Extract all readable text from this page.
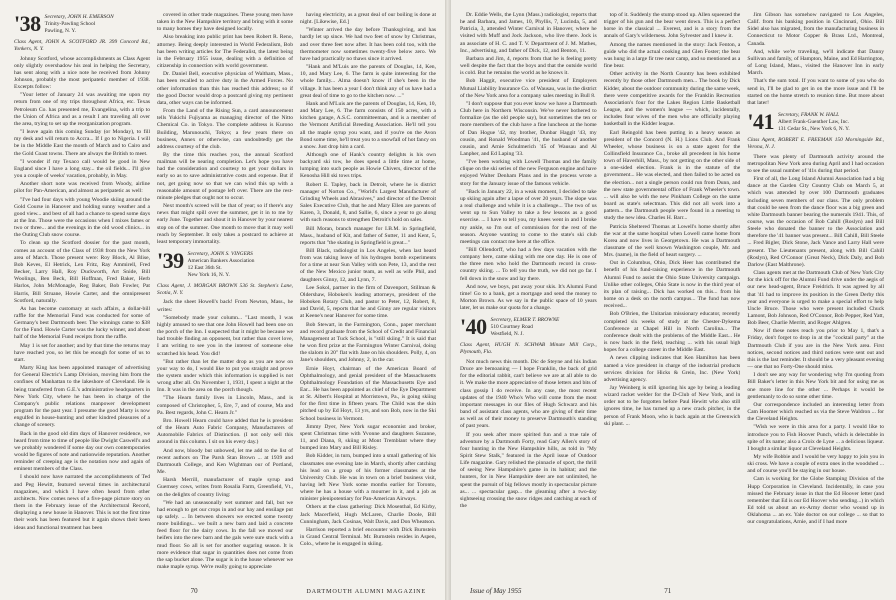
'38 Secretary, JOHN H. EMERSON
Trinity-Pawling School
Pawling, N. Y.
Class Agent, JOHN A. SCOTFORD JR. 399 Concord Rd., Yonkers, N. Y.

Johnny Scotford, whose accomplishments as Class Agent only slightly overshadow his zeal in helping the Secretary, has sent along with a nice note he received from Johnny Johnson, probably the most peripatetic member of 1938. Excerpts follow:

"Your letter of January 24 was awaiting me upon my return from one of my trips throughout Africa, etc. Texas Petroleum Co. has presented me, Evangelina, with a trip to the Union of Africa and as a result I am traveling all over the area, trying to set up the reorganization program.

"I leave again this coming Sunday (or Monday), to fill my desk and will return to Accra... If I go to Nigeria. I will be in the Middle East the month of March and to Cairo and the Gold Coast towns. There are always the British to meet.

"I wonder if my Texaco call would be good in New England since I have a long stay... the oil fields... I'll give you a couple of weeks' vacation, probably, in May.

Another short note was received from Woody, airline pilot for Pan-American, and almost as peripatetic as well:

"I've had four days with young Woodie skiing around the Gold Course in Hanover and holding sunny weather and a good view... and best of all had a chance to spend some days at the Inn. Those were the occasions when I mixes fames or two or three... and the evenings in the old wood clinics... in the Outing Club snow course.

To clean up the Scotford dossier for the past month, comes an account of the Class of 1938 from the New York area of March. Those present were: Roy Block, Al Blise, Bob Keves, El Hetrick, Len Fritz, Ray Ammirell, Fred Becker, Larry Hall, Roy Duckworth, Art Snide, Bill Woolings, Ben Beck, Bill Hoffman, Fred Baker, Herb Harlos, John McMonagle, Reg Baker, Bob Fowler, Pat Harris, Bill Struane, Howie Carter, and the omnipresent Scotford, naturally.

As has become customary at such affairs, a dollar-bill raffle for the Memorial Fund was conducted for some of Germany's best Dartmouth beer. The winnings came to $38 for the Fund. Howie Carter was the lucky winner, and about half of the Memorial Fund receipts from the raffle.

May 1 is set for another; and by that time the returns may have reached you, so let this be enough for some of us to start.

Marty King has been appointed manager of advertising for General Electric's Lamp Division, moving him from the confines of Manhattan to the lakeshore of Cleveland. He is being transferred from G.E.'s administrative headquarters in New York City, where he has been in charge of the Company's public relations manpower development program for the past year. I presume the good Marty is now engulfed in house-hunting and other kindred pleasures of a change of scenery.

Back in the good old dim days of Hanover residence, we heard from time to time of people like Dwight Caswell's and we probably wondered if some day our own contemporaries would be figures of note and nationwide reputation. Another reminder of creeping age is the notation now and again of eminent members of the Class.

I should now have narrated the accomplishments of Ted and Peg Hewitt, featured several times in architectural magazines, and which I have often heard from other architects. Now comes news of a five-page picture story on them in the February issue of the Architectural Record, displaying a new house in Hanover. This is not the first time their work has been featured but it again shows their keen ideas and functional treatment has been

covered in other trade magazines. These young men have taken in the New Hampshire territory and bring with it some to many homes they have designed locally.

Also breaking into public print has been Robert R. Reno, attorney. Being deeply interested in World Federalism, Bob has been writing articles for The Federalist, the latest being in the February 1955 issue, dealing with a definition of citizenship in connection with world government.

Dr. Daniel Bell, executive physician of Waltham, Mass., has been recalled to active duty in the Armed Forces. No other information than this has reached this address; so if the good Doctor would drop a postcard giving my pertinent data, other ways can be informed.

From the Land of the Rising Sun, a card announcement tells Yukichi Fujiyama as managing director of the Nitto Chemical Co. in Tokyo. The complete address is Kurono Building, Marunouchi, Tokyo; a few years there on business, Annex or otherwise, can undoubtedly get the address courtesy of the club.

By the time this reaches you, the annual Scotford mailman will be nearing completion. Let's hope you have had the consideration and courtesy to get your dollars in early so as to save administrative costs and expense. But if not, get going now so that we can wind this up with a reasonable amount of postage left over. There are the rest-minute pledges that ought not to occur.

Next month's screed will be that of year; so if there's any news that might spill over the summer, get it in to me by early June. Together and shout it in Hanover by your nearest stop on of the summer. One month to move that it may well reach by September. It only takes a postcard to achieve at least temporary immortality.

'39 Secretary, JOHN S. VINGERS
American Bankers Association
12 East 36th St.
New York 16, N. Y.
Class Agent, J. MORGAN BROWN 536 St. Stephen's Lane, Scotia, N. Y.

Jack the sheet Howell's back! From Newton, Mass., he writes:

"Somebody made your column... "Last month, I was highly amused to see that one John Howell had been one on the porch of the Inn. I suspected that it might be because we had trouble finding an opponent, but rather than covet love, I am writing to see you in the interest of someone else scratched his head. You did!

"But rather than let the matter drop as you are now on your way to do, I would like to put you straight and prove the system under which this information is supplied is not wrong after all. On November 1, 1931, I spent a night at the Inn. It was in the area on the porch though.

"The Hearn family lives in Lincoln, Mass., and is composed of Christopher, 5, Ere, 7, and of course, Ma and Pa. Best regards, John C. Hearn Jr."

Bro. Howell Hearn could have added that he is president of the Hearn Auto Fabric Company, Manufacturers of Automobile Fabrics of Distinction. (I not only sell this around in this column. I sit on his every day.)

And now, bloody but unbowed, let me add to the list of recent authors on The Parsh Stan Brown ... at 1939 and Dartmouth College, and Ken Wightman our of Portland, Me.

Harsh Merrill, manufacturer of maple syrup and Guernsey cows, writes from Rosalia Farm, Greenfield, Vt., on the delights of country living:

"We had an unseasonally wet summer and fall, but we had enough to get our crops in and our hay and ensilage put up safely. ... In between showers we erected some twenty more buildings... we built a new barn and laid a concrete feed floor for the dairy cows. In the fall we moved our heifers into the new barn and the gals were sure stuck with a mud floor. So all is set for another sugaring season. It is more evidence that sugar in quantities does not come from the sap bucket alone. The sugar is in the house whenever we make maple syrup. We're really going to appreciate

having electricity, as a great deal of our boiling is done at night. [Likewise, Ed.]

"Winter arrived the day before Thanksgiving, and has hardly let up since. We had two feet of snow by Christmas, and over three feet now after. It has been cold too, with the thermometer now sometimes twenty-five below zero. We have had practically no thaws since it arrived.

"Hank and M'Luis are the parents of Douglas, 14, Ken, 10, and Mary Lee, 6. The farm is quite interesting for the whole family... Alma doesn't know if she's been in the village. It has been a year I don't think any of us have had a great deal of time to go to the kitchen now. ..."

Hank and M'Luis are the parents of Douglas, 14, Ken, 10, and Mary Lee, 6. The farm consists of 150 acres, with a kitchen garage, A.S.C. committeeman, and is a member of the Vermont Artificial Breeding Association. He'll tell you all the maple syrup you want, and if you're on the Avon Bond some time, he'll treat you to a snowfall of hot fancy on a snow. Just drop him a card.

Although one of Hank's country delights is his own backyard ski tow, he does spend a little time at home, lumping into such people as Howie Chivers, director of the Kenosha Hill ski tows trips.

Robert E. Tapley, back in Detroit, where he is district manager of Norton Co., "World's Largest Manufacturer of Grinding Wheels and Abrasives," and director of the Detroit Sales Executive Club, that he and Mary Ellen are parents of Karen, 3, Donald, 8, and Sallie, 6, since a year to go along with such reasons to strengthen Detroit's hold on sales.

Bill Moran, branch manager for I.B.M. in Springfield, Mass., husband of Kit, and father of Sutter, 11 and Kent, 5, reports that "the skating in Springfield is great..."

Bill Black, radiologist in Los Angeles, when last heard from was taking leave of his hydrogen bomb experiments for a time at near Sun Valley with son Pete, 13, and the rest of the New Mexico junior team, as well as wife Phil, and daughters Ginny, 12, and Lynn, 7.

Lee Sokol, partner in the firm of Davenport, Stillman & Oldershaw, Hoboken's leading attorneys, president of the Hoboken Rotary Club, and pastor to Peter, 12, Robert, 8, and David, 5, reports that he and Ginny are regular visitors at Keene's near Hanover for some time.

Bob Stewart, in the Farmington, Conn., paper merchant and record graduate from the School of Credit and Financial Management at Tuck School, is "still skiing." It is said that he won first prize at the Farmington Winter Carnival, doing the slalom in 20" flat with Jane on his shoulders. Polly, 4, on Jane's shoulders, and Johnny, 2, in the car.

Ernie Hoyt, chairman of the American Board of Ophthalmology, and genial president of the Massachusetts Ophthalmology Foundation of the Massachusetts Eye and Ear... He has been appointed as chief of the Eye Department at St. Albert's Hospital at Morristown, Pa., is going skiing for the first time in fifteen years. The Child was the skin pitched up by Ed Hoyt, 13 yrs, and son Bob, now in the Ski School business in Vermont.

Jimmy Dyer, New York sugar economist and broker, spent Christmas time with Yvonne and daughters Suzanne, 11, and Diana, 8, skiing at Mont Tremblant where they bumped into Mary and Bill Risley.

Bob Kidder, in turn, bumped into a small gathering of his classmates one evening late in March, shortly after catching his lead on a group of his former classmates at the University Club. He was in town on a brief business visit, having left New York some months earlier for Toronto, where he has a house with a mourner in it, and a job as minister plenipotentiary for Pan-American Airways.

Others at the class gathering: Dick Mosenthal, Ed Kirby, Jack Macerfield, Hugh McLaren, Charlie Doole, Bill Cunningham, Jack Cosinas, Walt Davis, and Don Wheatson.

Harrison reported a brief encounter with Dick Burnstein in Grand Central Terminal. Mr. Burnstein resides in Aspen, Colo., where he is engaged in skiing.

70	DARTMOUTH ALUMNI MAGAZINE

Dr. Eddie Wells, the Lynn (Mass.) radiologist, reports that he and Barbara, and James, 10, Phyllis, 7, Lucinda, 5, and Patricia, 3, attended Winter Carnival in Hanover, where he visited with Muff and Jock Jackson, who live there. Jock is an associate of H. C. and T. V. Department of J. M. Mathes, Inc., advertising, and father of Dick, 12, and Benton, 11.

Barbara and Jim, 4, reports from that he is feeling pretty well despite the fact that the boys and that the outside world is cold. But he remains the world as he knows it.

Bob Haggit, executive vice president of Employers Mutual Liability Insurance Co. of Wausau, was in the district of the New York area for a company sales meeting in Bull 8.

"I don't suppose that you ever know we have a Dartmouth Club here in Northern Wisconsin. We've never bothered to formalize (as the old people say), but sometimes the ten or more members of the club have a fine luncheon at the home of Dan Hogue '42, my brother, Dunbar Haggit '43, my cousin, and Ronald Woodman '41, the husband of another cousin, and Arnie Schulmerich '45 of Wausau and Al Lanpher, and Ed Laping '33.

"I've been working with Lowell Thomas and the family clique on the ski series of the new Ferguson engine and have enjoyed Walter Denham Plans and in the process wrote a story for the January issue of the famous vehicle.

"Back in January 22, in a weak moment, I decided to take up skiing again after a lapse of over 20 years. The slope was a real challenge and while it is a challenge... The two of us went up to Sun Valley to take a few lessons as a good exercise. ... I have to tell you, my knees went in and I broke my ankle, so I'm out of commission for the rest of the season. Anyone wanting to come to the state's ski club meetings can contact me here at the office.

"Bill Ollendorff, who had a few days vacation with the company here, came skiing with me one day. He is one of the three men who hold the Dartmouth record in cross-country skiing. ... To tell you the truth, we did not go far. I fell down in the snow and lay there.

And now, we boys, put away your skis. It's Alumni Fund time! Go to a bank, get a mortgage and send the money to Morton Brown. As we say in the public space of 10 years later, let us make our quota for a change.

'40 Secretary, ELMER T. BROWNE
510 Courtney Road
Westfield, N. J.
Class Agent, HUGH N. SCHWAB Minute Mill Corp., Plymouth, Fla.

Not much news this month. Dic de Steyne and his Indian Druce are bemoaning — I hope Franklin, the back of grid for the editorial rabbit, can't believe we are at all able to do it. We make the more appreciative of those letters and bits of class gossip I do receive. In any case, the most recent updates of the 1940 Who's Who will come from the most important messages in our files of Hugh Schwarz and his band of assistant class agents, who are giving of their time as well as of their money to preserve Dartmouth's standing of past years.

If you seek after more spirited fun and a true tale of adventure by a Dartmouth Forty, read Gary Allen's story of four hunting in the New Hampshire hills, as told in "My Spirit Stew Stalk," featured in the April issue of Outdoor Life magazine. Gary relished the pinnacle of sport, the thrill of seeing New Hampshire's game in its habitat; and the hunters, for in New Hampshire deer are not unlimited, he spent the pursuit of big fellows mostly in spectacular picture as... ... spectacular gasp... the gleaming after a two-day sightseeing crossing the snow ridges and catching at each of the

top of it. Suddenly the stump stood up. Allen squeezed the trigger of his gun and the bear went down. This is a perfect horse in the classical ... Everest, and is a story from the annals of Gary's wilderness. John Sylvester and I knew it.

Among the names mentioned in the story: Jack Fenton, a guide who did the actual cooking and Glen Foster; the bear was hung in a large fir tree near camp, and so mentioned as a fine bear.

Other activity in the North Country has been exhibited recently by those other Dartmouth men... The book by Dick Kidder, about the outdoor community during the same week, there were competitive awards for the Franklin Recreation Association's four for the Lakes Region Little Basketball League, and the women's league — which, incidentally, includes four wives of the men who are officially playing basketball in the Kidder league.

Earl Reingold has been putting in a heavy season as president of the Concord (N. H.) Lions Club. And Frank Wheeler, whose business is on a state agent for the Collinsfield Insurance Co., broke all precedent in his home town of Haverhill, Mass., by not getting on the other side of a one-sided election. Frank is in the statute of the government... He was elected, and then failed to be acted on the election... not a single person could run from Dunn, and the new state governmental office of Frank Wheeler's town. ... will also be with the new Pinkham College on the same board as state's selectman. This did not all work into a pattern... the Dartmouth people were found in a meeting to study the new idea. Charles H. Barr...

Patricia Sheltered Thomas at Lowell's home shortly after the war at the same hospital when Lowell came home from Korea and now lives in Georgetown. He was a Dartmouth classmate of the well known Washington couple, Mr. and Mrs. (name), in the field of heart surgery. ...

Out in Columbus, Ohio, Dick Heer has contributed the benefit of his fund-raising experience in the Dartmouth Alumni Fund to assist the Ohio State University campaign. Unlike other colleges, Ohio State is now in the third year of its plan of raising... Dick has worked on this... from his home on a desk on the north campus... The fund has now received...

Bob O'Brien, the Unitarian missionary educator, recently completed six weeks of study at the Chester-Dykema Conference at Chapel Hill in North Carolina... The conference dealt with the problems of the Middle East... He is now back in the field, teaching ... with his usual high hopes for a college career in the Middle East.

A news clipping indicates that Ken Hamilton has been named a vice president in charge of the industrial products services division for Hicks & Grein, Inc. (New York) advertising agency.

Jay Weinberg is still ignoring his age by being a leading wizard racket welder for the D-Club of New York, and in order not to be forgotten before Paul Hewitt who also still ignores time, he has turned up a new crack pitcher, in the person of Frank Moon, who is back again at the Greenwich ski plant. ...

Jim Gibson has somehow navigated to Los Angeles, Calif. from his banking position in Cincinnati, Ohio. Bill Sidel also has migrated, from the manufacturing business in Connecticut to Motor Copper & Brass Ltd., Montreal, Canada.

And, while we're traveling, we'll indicate that Danny Sullivan and family, of Hampton, Maine, and Ed Harrington, of Long Island, Mass., visited the Hanover Inn in early March.

That's the sum total. If you want to some of you who do send in, I'll be glad to get in on the more issue and I'll be started on the home stretch to reunion time. But more about that later!

'41 Secretary, FRANK W. HALL
Albert Frank-Guenther Law, Inc.
131 Cedar St., New York 6, N. Y.
Class Agent, ROBERT E. FREEMAN 150 Morningside Rd., Verona, N. J.

There was plenty of Dartmouth activity around the metropolitan New York area during April and I had occasion to see the usual number of '41s during that period.

First of all, the Long Island Alumni Association had a big dance at the Garden City Country Club on March 5, at which was attended by over 100 Dartmouth graduates including seven members of our class. The only problem that could be seen from the dance floor was a big green and white Dartmouth banner bearing the numerals 1941. This, of course, was the occasion of Bob Cahill (Roslyn) and Bill Steele who donated the banner to the Association and therefore the '41 banner was present... Bill Cahill, Bill Steele ... Fred Bigler, Dick Stone, Jack Vance and Larry Hall were present. The Lieutenants present, along with Bill Cahill (Roslyn), Red O'Connor (Great Neck), Dick Daly, and Bob Darlow (East Malthrone).

Class agents met at the Dartmouth Club of New York City for the kick off for the Alumni Fund drive under the aegis of our new head-agent, Bruce Freidrich. It was agreed by all that '41 had to improve its position in the Green Derby this year and everyone is urged to make a special effort to help Uncle Bruce. Those who were present included Chuck Lamont, Bob Johnson, Red O'Connor, Bob Pepper, Red Yatt, Bob Beer, Charlie Merritt, and Roger Ahlgren.

Now if these notes reach you prior to May 1, that's a Friday, don't forget to drop in at the "cocktail party" at the Dartmouth Club if you are in the New York area. First notices, second notices and third notices were sent out and this is the last reminder. It should be a very pleasant evening — one that no Forty-One should miss.

I don't see any way for wondering why I'm quoting from Bill Baker's letter in this New York bit and for using me as one more line for the other ... Perhaps it would be gentlemanly to do so some other time.

Our correspondence included an interesting letter from Cam Hoomer which reached us via the Steve Waldron ... for the Cleveland Heights.

"Wish we were in this area for a party. I would like to introduce you to Fish Hoover Punch, which is delectable in spite of its name; also a Croix de Lyne ... a delicious liqueur. I bought a similar liquor at Cleveland Heights.

My wife Bobbie and I would be very happy to join you in ski cross. We have a couple of extra ones in the woodshed ... and of course you'll be staying in our house.

Cam is working for the Globe Stamping Division of the Hupp Corporation in Cleveland. Incidentally, in case you missed the February issue in that the Ed Hoover letter (and remember that Ed is our Ed Hoover who sending...) in which Ed told us about an ex-Army doctor who wound up in Oklahoma ... an ex. Yale doctor on our college ... so that to our congratulations, Arnie, and if I had more

Issue of May 1955	71
